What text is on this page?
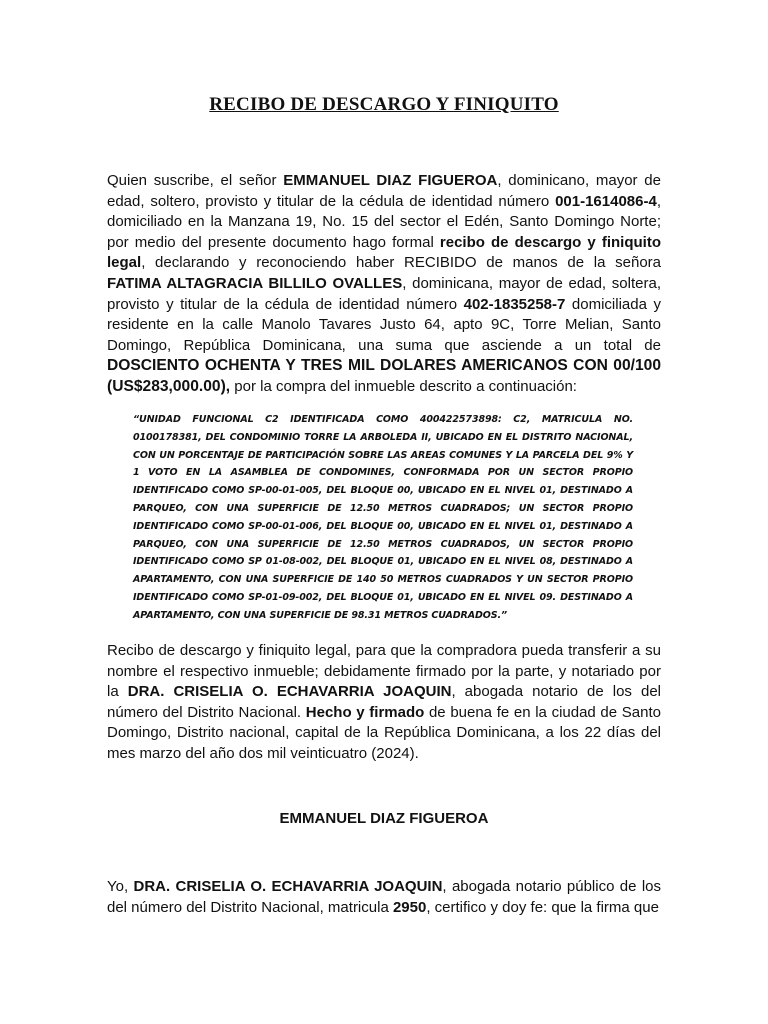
RECIBO DE DESCARGO Y FINIQUITO

Quien suscribe, el señor EMMANUEL DIAZ FIGUEROA, dominicano, mayor de edad, soltero, provisto y titular de la cédula de identidad número 001-1614086-4, domiciliado en la Manzana 19, No. 15 del sector el Edén, Santo Domingo Norte; por medio del presente documento hago formal recibo de descargo y finiquito legal, declarando y reconociendo haber RECIBIDO de manos de la señora FATIMA ALTAGRACIA BILLILO OVALLES, dominicana, mayor de edad, soltera, provisto y titular de la cédula de identidad número 402-1835258-7 domiciliada y residente en la calle Manolo Tavares Justo 64, apto 9C, Torre Melian, Santo Domingo, República Dominicana, una suma que asciende a un total de DOSCIENTO OCHENTA Y TRES MIL DOLARES AMERICANOS CON 00/100 (US$283,000.00), por la compra del inmueble descrito a continuación:

“UNIDAD FUNCIONAL C2 IDENTIFICADA COMO 400422573898: C2, MATRICULA NO. 0100178381, DEL CONDOMINIO TORRE LA ARBOLEDA II, UBICADO EN EL DISTRITO NACIONAL, CON UN PORCENTAJE DE PARTICIPACIÓN SOBRE LAS AREAS COMUNES Y LA PARCELA DEL 9% Y 1 VOTO EN LA ASAMBLEA DE CONDOMINES, CONFORMADA POR UN SECTOR PROPIO IDENTIFICADO COMO SP-00-01-005, DEL BLOQUE 00, UBICADO EN EL NIVEL 01, DESTINADO A PARQUEO, CON UNA SUPERFICIE DE 12.50 METROS CUADRADOS; UN SECTOR PROPIO IDENTIFICADO COMO SP-00-01-006, DEL BLOQUE 00, UBICADO EN EL NIVEL 01, DESTINADO A PARQUEO, CON UNA SUPERFICIE DE 12.50 METROS CUADRADOS, UN SECTOR PROPIO IDENTIFICADO COMO SP 01-08-002, DEL BLOQUE 01, UBICADO EN EL NIVEL 08, DESTINADO A APARTAMENTO, CON UNA SUPERFICIE DE 140 50 METROS CUADRADOS Y UN SECTOR PROPIO IDENTIFICADO COMO SP-01-09-002, DEL BLOQUE 01, UBICADO EN EL NIVEL 09. DESTINADO A APARTAMENTO, CON UNA SUPERFICIE DE 98.31 METROS CUADRADOS.”

Recibo de descargo y finiquito legal, para que la compradora pueda transferir a su nombre el respectivo inmueble; debidamente firmado por la parte, y notariado por la DRA. CRISELIA O. ECHAVARRIA JOAQUIN, abogada notario de los del número del Distrito Nacional. Hecho y firmado de buena fe en la ciudad de Santo Domingo, Distrito nacional, capital de la República Dominicana, a los 22 días del mes marzo del año dos mil veinticuatro (2024).

EMMANUEL DIAZ FIGUEROA

Yo, DRA. CRISELIA O. ECHAVARRIA JOAQUIN, abogada notario público de los del número del Distrito Nacional, matricula 2950, certifico y doy fe: que la firma que
